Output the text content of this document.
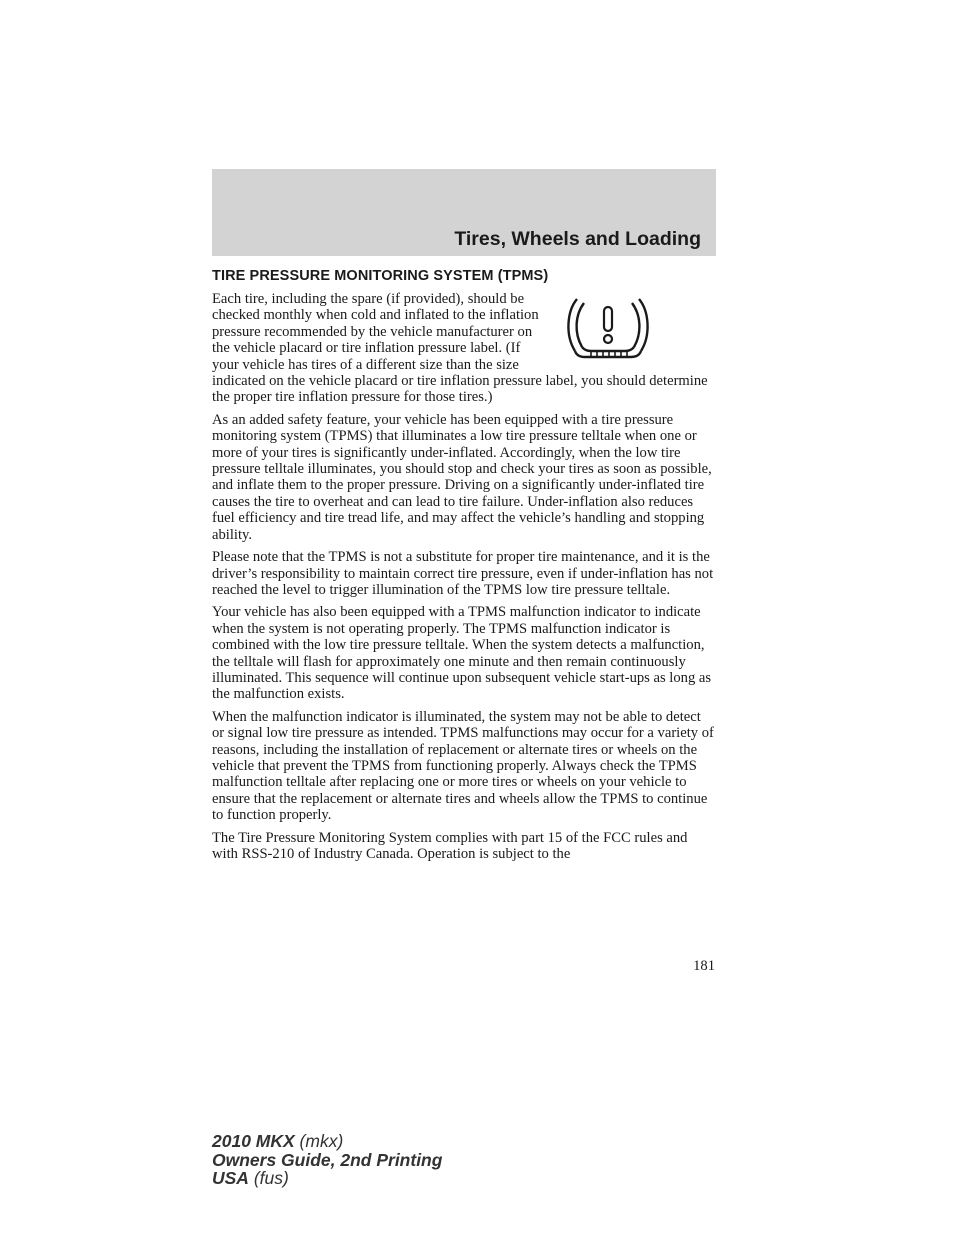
Tires, Wheels and Loading
TIRE PRESSURE MONITORING SYSTEM (TPMS)

Each tire, including the spare (if provided), should be checked monthly when cold and inflated to the inflation pressure recommended by the vehicle manufacturer on the vehicle placard or tire inflation pressure label. (If your vehicle has tires of a different size than the size indicated on the vehicle placard or tire inflation pressure label, you should determine the proper tire inflation pressure for those tires.)

As an added safety feature, your vehicle has been equipped with a tire pressure monitoring system (TPMS) that illuminates a low tire pressure telltale when one or more of your tires is significantly under-inflated. Accordingly, when the low tire pressure telltale illuminates, you should stop and check your tires as soon as possible, and inflate them to the proper pressure. Driving on a significantly under-inflated tire causes the tire to overheat and can lead to tire failure. Under-inflation also reduces fuel efficiency and tire tread life, and may affect the vehicle’s handling and stopping ability.

Please note that the TPMS is not a substitute for proper tire maintenance, and it is the driver’s responsibility to maintain correct tire pressure, even if under-inflation has not reached the level to trigger illumination of the TPMS low tire pressure telltale.

Your vehicle has also been equipped with a TPMS malfunction indicator to indicate when the system is not operating properly. The TPMS malfunction indicator is combined with the low tire pressure telltale. When the system detects a malfunction, the telltale will flash for approximately one minute and then remain continuously illuminated. This sequence will continue upon subsequent vehicle start-ups as long as the malfunction exists.

When the malfunction indicator is illuminated, the system may not be able to detect or signal low tire pressure as intended. TPMS malfunctions may occur for a variety of reasons, including the installation of replacement or alternate tires or wheels on the vehicle that prevent the TPMS from functioning properly. Always check the TPMS malfunction telltale after replacing one or more tires or wheels on your vehicle to ensure that the replacement or alternate tires and wheels allow the TPMS to continue to function properly.

The Tire Pressure Monitoring System complies with part 15 of the FCC rules and with RSS-210 of Industry Canada. Operation is subject to the

181
2010 MKX (mkx)
Owners Guide, 2nd Printing
USA (fus)
